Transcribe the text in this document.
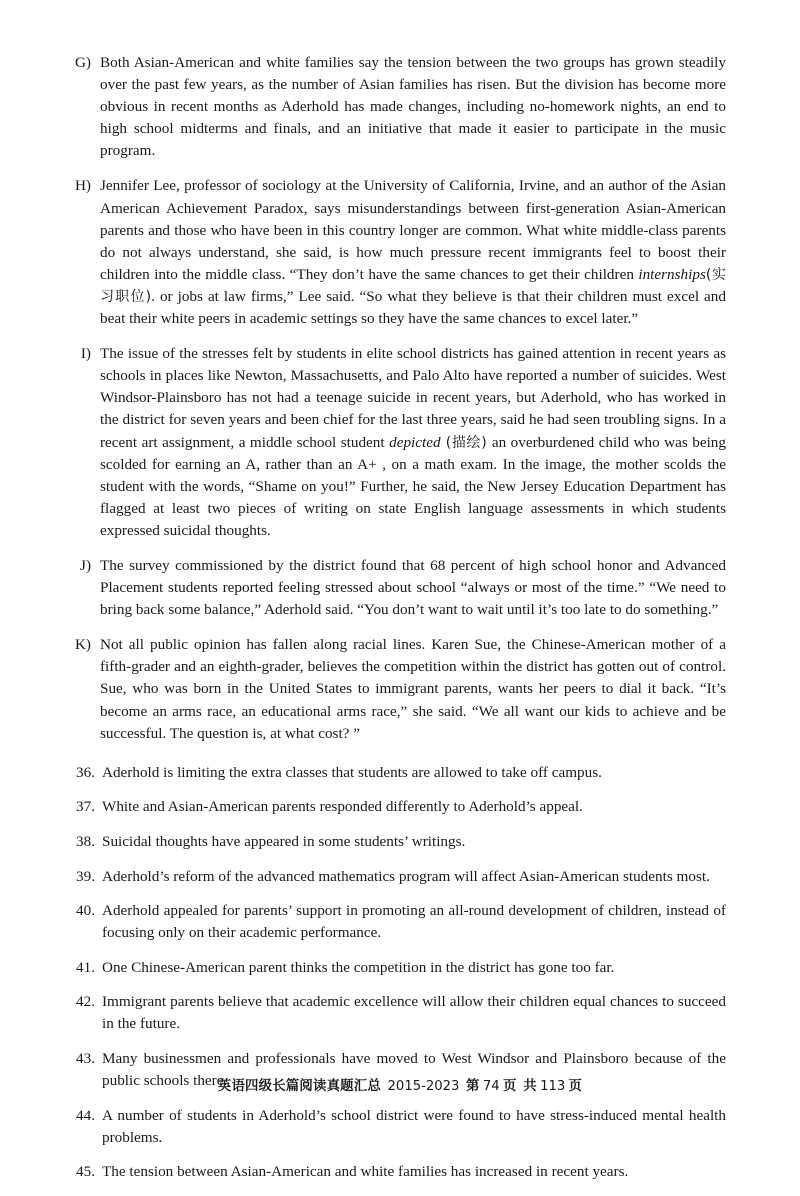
G) Both Asian-American and white families say the tension between the two groups has grown steadily over the past few years, as the number of Asian families has risen. But the division has become more obvious in recent months as Aderhold has made changes, including no-homework nights, an end to high school midterms and finals, and an initiative that made it easier to participate in the music program.
H) Jennifer Lee, professor of sociology at the University of California, Irvine, and an author of the Asian American Achievement Paradox, says misunderstandings between first-generation Asian-American parents and those who have been in this country longer are common. What white middle-class parents do not always understand, she said, is how much pressure recent immigrants feel to boost their children into the middle class. “They don’t have the same chances to get their children internships(实习职位). or jobs at law firms,” Lee said. “So what they believe is that their children must excel and beat their white peers in academic settings so they have the same chances to excel later.”
I) The issue of the stresses felt by students in elite school districts has gained attention in recent years as schools in places like Newton, Massachusetts, and Palo Alto have reported a number of suicides. West Windsor-Plainsboro has not had a teenage suicide in recent years, but Aderhold, who has worked in the district for seven years and been chief for the last three years, said he had seen troubling signs. In a recent art assignment, a middle school student depicted (描绘) an overburdened child who was being scolded for earning an A, rather than an A+ , on a math exam. In the image, the mother scolds the student with the words, “Shame on you!” Further, he said, the New Jersey Education Department has flagged at least two pieces of writing on state English language assessments in which students expressed suicidal thoughts.
J) The survey commissioned by the district found that 68 percent of high school honor and Advanced Placement students reported feeling stressed about school “always or most of the time.” “We need to bring back some balance,” Aderhold said. “You don’t want to wait until it’s too late to do something.”
K) Not all public opinion has fallen along racial lines. Karen Sue, the Chinese-American mother of a fifth-grader and an eighth-grader, believes the competition within the district has gotten out of control. Sue, who was born in the United States to immigrant parents, wants her peers to dial it back. “It’s become an arms race, an educational arms race,” she said. “We all want our kids to achieve and be successful. The question is, at what cost? ”
36. Aderhold is limiting the extra classes that students are allowed to take off campus.
37. White and Asian-American parents responded differently to Aderhold’s appeal.
38. Suicidal thoughts have appeared in some students’ writings.
39. Aderhold’s reform of the advanced mathematics program will affect Asian-American students most.
40. Aderhold appealed for parents’ support in promoting an all-round development of children, instead of focusing only on their academic performance.
41. One Chinese-American parent thinks the competition in the district has gone too far.
42. Immigrant parents believe that academic excellence will allow their children equal chances to succeed in the future.
43. Many businessmen and professionals have moved to West Windsor and Plainsboro because of the public schools there.
44. A number of students in Aderhold’s school district were found to have stress-induced mental health problems.
45. The tension between Asian-American and white families has increased in recent years.
英语四级长篇阅读真题汇总 2015-2023 第 74 页 共 113 页
